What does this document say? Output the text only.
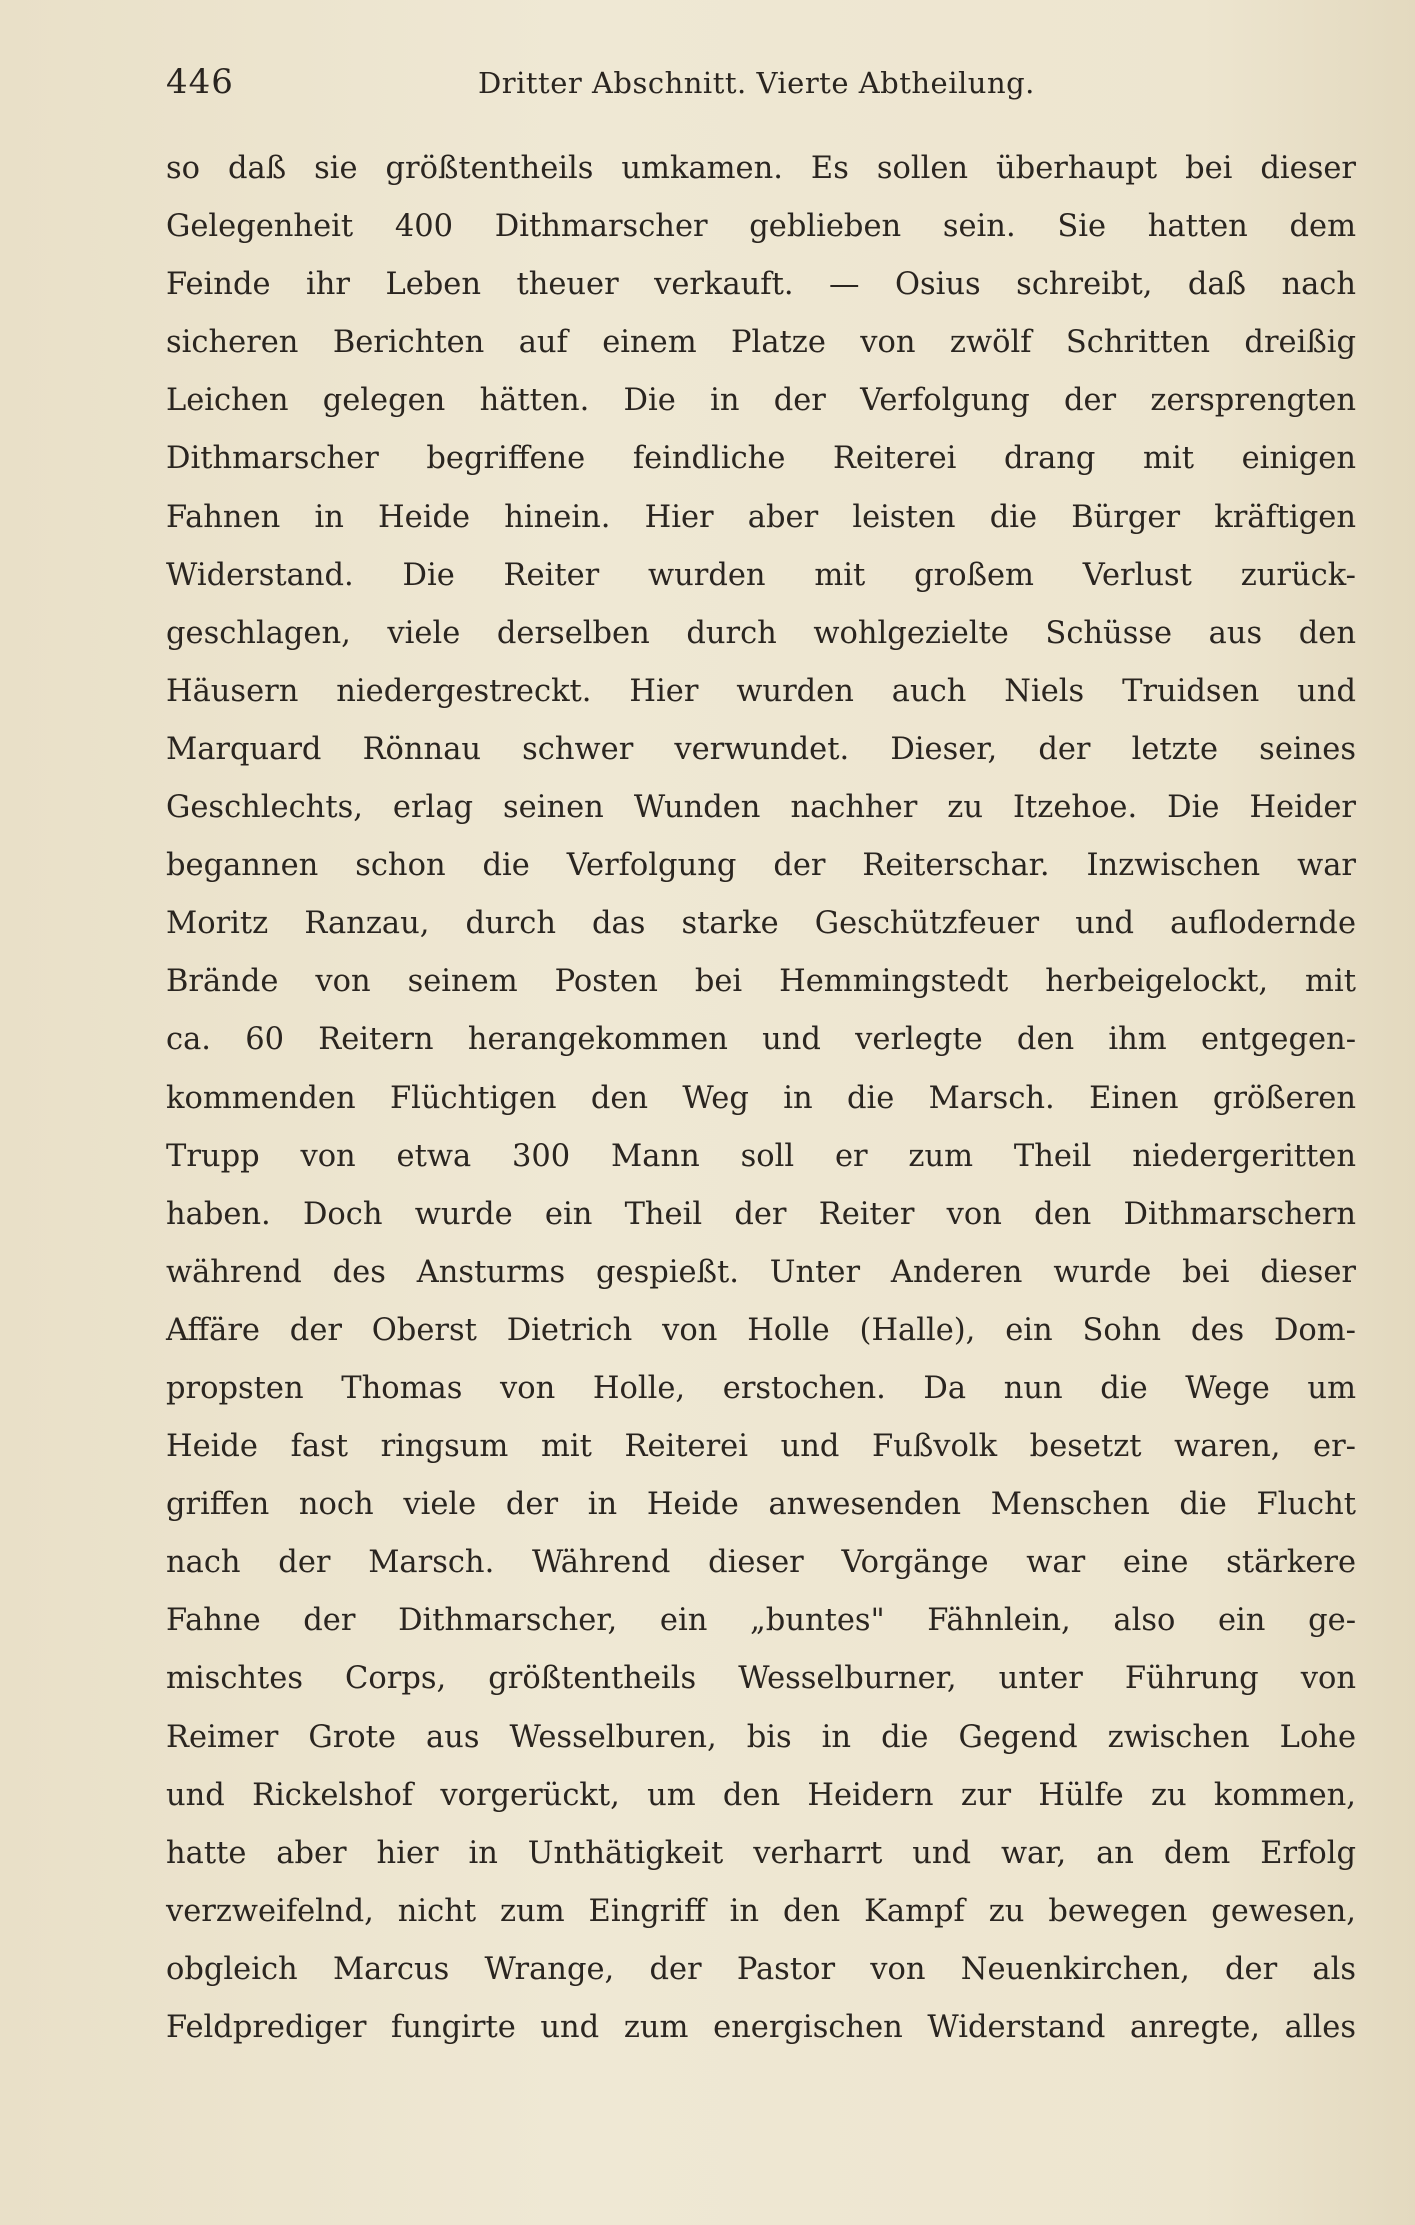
446	Dritter Abschnitt. Vierte Abtheilung.
so daß sie größtentheils umkamen. Es sollen überhaupt bei dieser
Gelegenheit 400 Dithmarscher geblieben sein. Sie hatten dem
Feinde ihr Leben theuer verkauft. — Osius schreibt, daß nach
sicheren Berichten auf einem Platze von zwölf Schritten dreißig
Leichen gelegen hätten. Die in der Verfolgung der zersprengten
Dithmarscher begriffene feindliche Reiterei drang mit einigen
Fahnen in Heide hinein. Hier aber leisten die Bürger kräftigen
Widerstand. Die Reiter wurden mit großem Verlust zurück-
geschlagen, viele derselben durch wohlgezielte Schüsse aus den
Häusern niedergestreckt. Hier wurden auch Niels Truidsen und
Marquard Rönnau schwer verwundet. Dieser, der letzte seines
Geschlechts, erlag seinen Wunden nachher zu Itzehoe. Die Heider
begannen schon die Verfolgung der Reiterschar. Inzwischen war
Moritz Ranzau, durch das starke Geschützfeuer und auflodernde
Brände von seinem Posten bei Hemmingstedt herbeigelockt, mit
ca. 60 Reitern herangekommen und verlegte den ihm entgegen-
kommenden Flüchtigen den Weg in die Marsch. Einen größeren
Trupp von etwa 300 Mann soll er zum Theil niedergeritten
haben. Doch wurde ein Theil der Reiter von den Dithmarschern
während des Ansturms gespießt. Unter Anderen wurde bei dieser
Affäre der Oberst Dietrich von Holle (Halle), ein Sohn des Dom-
propsten Thomas von Holle, erstochen. Da nun die Wege um
Heide fast ringsum mit Reiterei und Fußvolk besetzt waren, er-
griffen noch viele der in Heide anwesenden Menschen die Flucht
nach der Marsch. Während dieser Vorgänge war eine stärkere
Fahne der Dithmarscher, ein „buntes" Fähnlein, also ein ge-
mischtes Corps, größtentheils Wesselburner, unter Führung von
Reimer Grote aus Wesselburen, bis in die Gegend zwischen Lohe
und Rickelshof vorgerückt, um den Heidern zur Hülfe zu kommen,
hatte aber hier in Unthätigkeit verharrt und war, an dem Erfolg
verzweifelnd, nicht zum Eingriff in den Kampf zu bewegen gewesen,
obgleich Marcus Wrange, der Pastor von Neuenkirchen, der als
Feldprediger fungirte und zum energischen Widerstand anregte, alles
